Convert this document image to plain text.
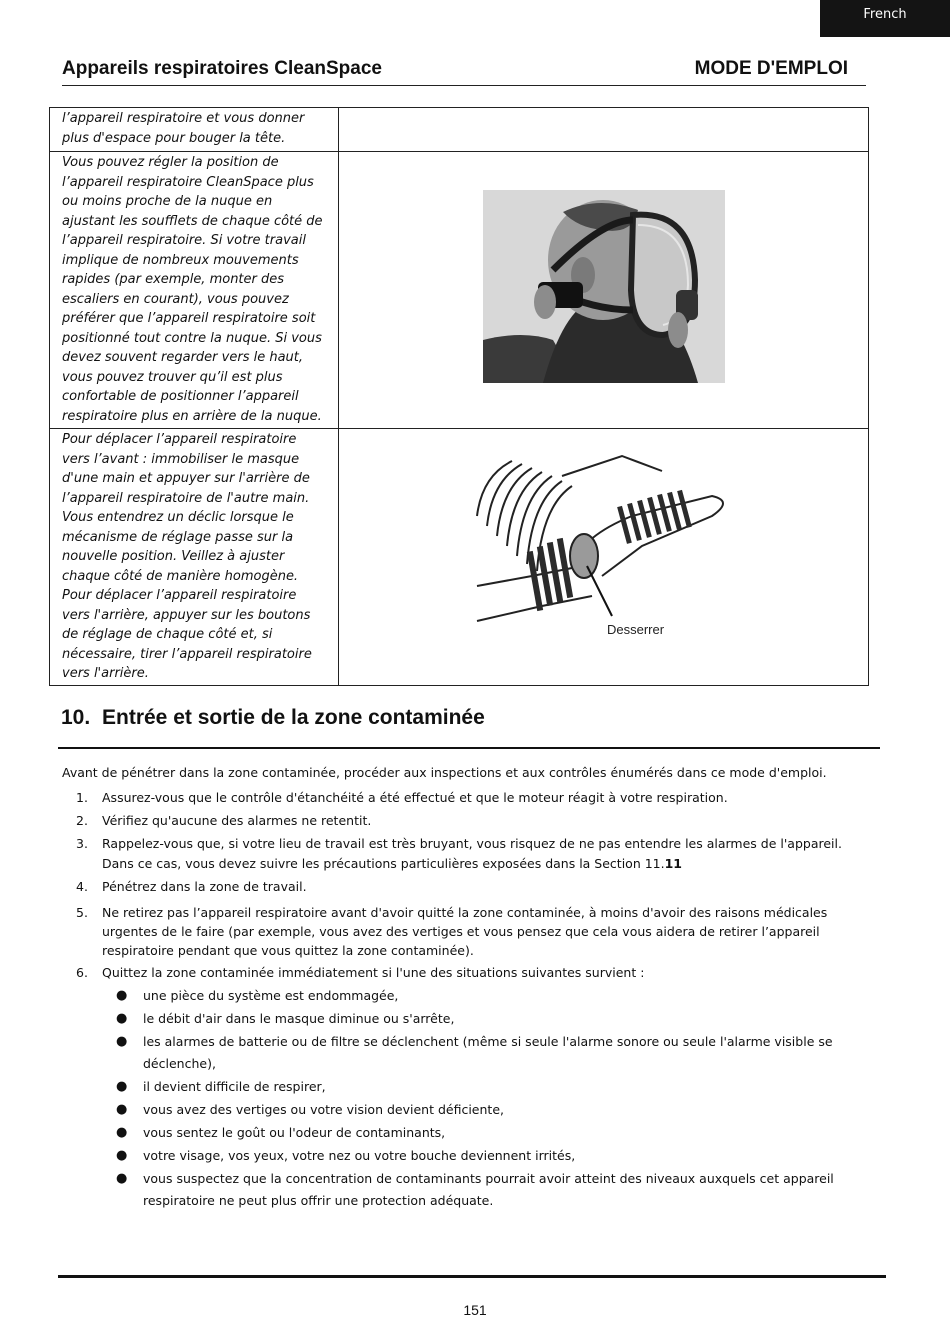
French
Appareils respiratoires CleanSpace	MODE D'EMPLOI
l’appareil respiratoire et vous donner plus d'espace pour bouger la tête.	
Vous pouvez régler la position de l’appareil respiratoire CleanSpace plus ou moins proche de la nuque en ajustant les soufflets de chaque côté de l’appareil respiratoire. Si votre travail implique de nombreux mouvements rapides (par exemple, monter des escaliers en courant), vous pouvez préférer que l’appareil respiratoire soit positionné tout contre la nuque. Si vous devez souvent regarder vers le haut, vous pouvez trouver qu’il est plus confortable de positionner l’appareil respiratoire plus en arrière de la nuque.	

Pour déplacer l’appareil respiratoire vers l’avant : immobiliser le masque d'une main et appuyer sur l'arrière de l’appareil respiratoire de l'autre main. Vous entendrez un déclic lorsque le mécanisme de réglage passe sur la nouvelle position. Veillez à ajuster chaque côté de manière homogène. Pour déplacer l’appareil respiratoire vers l'arrière, appuyer sur les boutons de réglage de chaque côté et, si nécessaire, tirer l’appareil respiratoire vers l'arrière.	Desserrer
10. Entrée et sortie de la zone contaminée
Avant de pénétrer dans la zone contaminée, procéder aux inspections et aux contrôles énumérés dans ce mode d'emploi.
1. Assurez-vous que le contrôle d'étanchéité a été effectué et que le moteur réagit à votre respiration.
2. Vérifiez qu'aucune des alarmes ne retentit.
3. Rappelez-vous que, si votre lieu de travail est très bruyant, vous risquez de ne pas entendre les alarmes de l'appareil. Dans ce cas, vous devez suivre les précautions particulières exposées dans la Section 11.11
4. Pénétrez dans la zone de travail.
5. Ne retirez pas l’appareil respiratoire avant d'avoir quitté la zone contaminée, à moins d'avoir des raisons médicales urgentes de le faire (par exemple, vous avez des vertiges et vous pensez que cela vous aidera de retirer l’appareil respiratoire pendant que vous quittez la zone contaminée).
6. Quittez la zone contaminée immédiatement si l'une des situations suivantes survient :
● une pièce du système est endommagée,
● le débit d'air dans le masque diminue ou s'arrête,
● les alarmes de batterie ou de filtre se déclenchent (même si seule l'alarme sonore ou seule l'alarme visible se déclenche),
● il devient difficile de respirer,
● vous avez des vertiges ou votre vision devient déficiente,
● vous sentez le goût ou l'odeur de contaminants,
● votre visage, vos yeux, votre nez ou votre bouche deviennent irrités,
● vous suspectez que la concentration de contaminants pourrait avoir atteint des niveaux auxquels cet appareil respiratoire ne peut plus offrir une protection adéquate.
151
